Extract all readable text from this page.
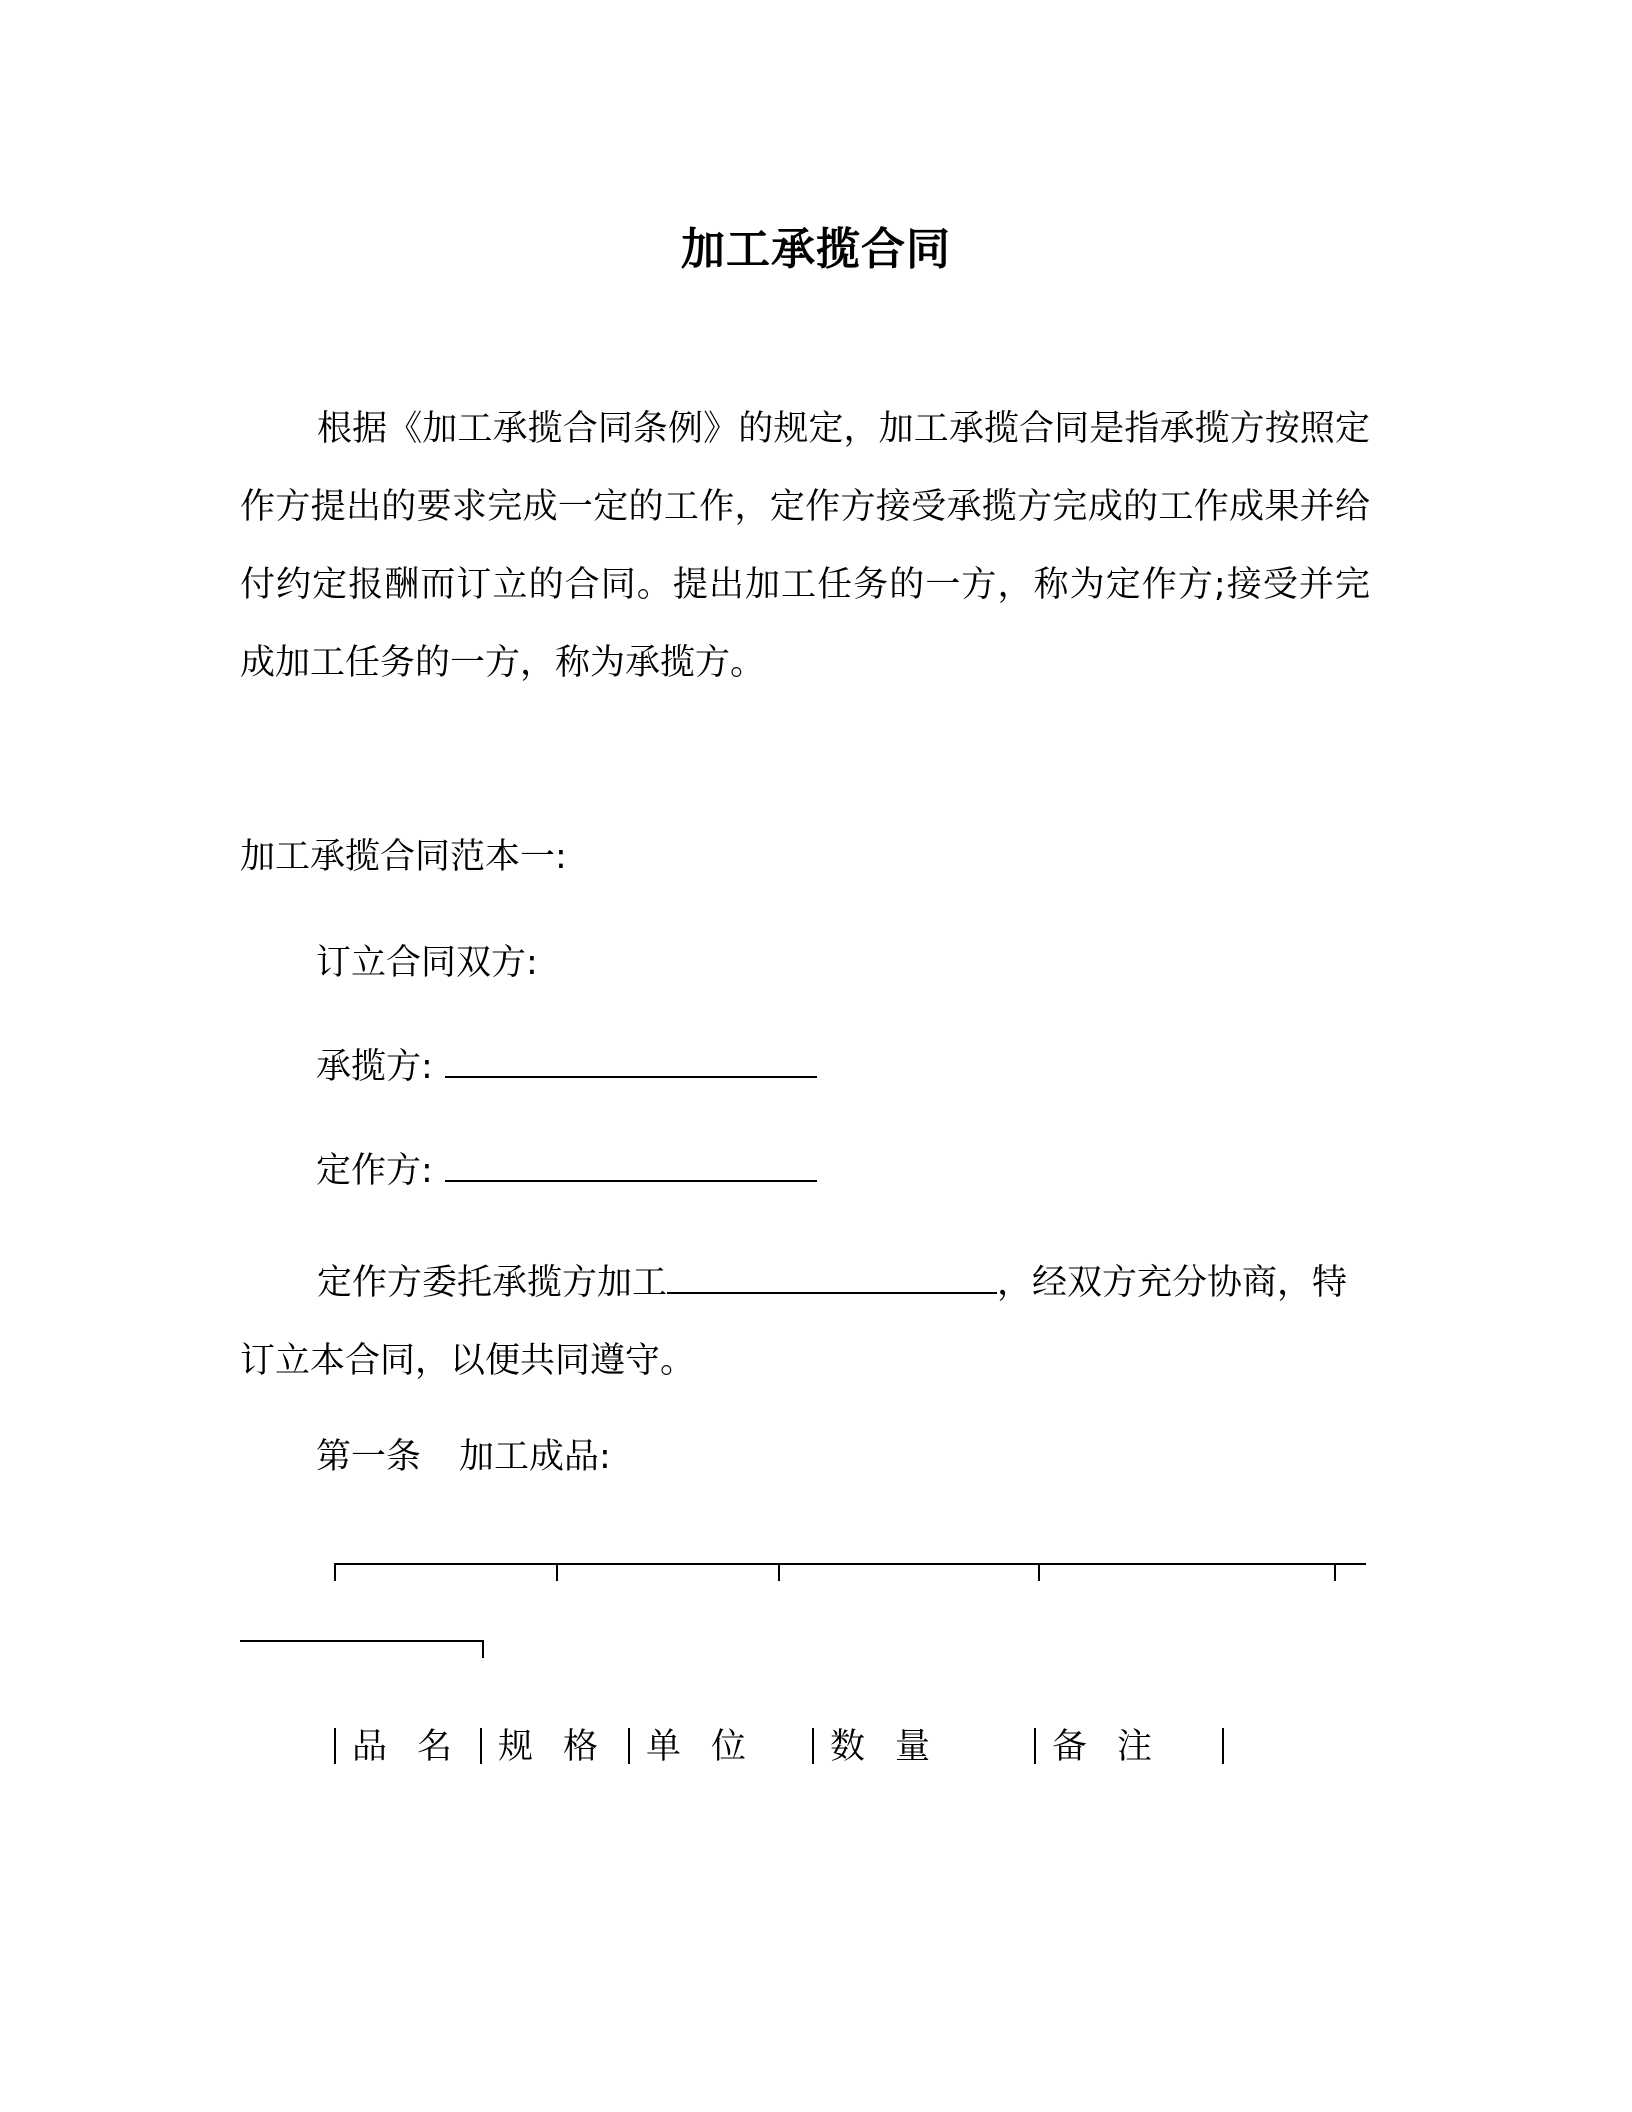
加工承揽合同

根据《加工承揽合同条例》的规定，加工承揽合同是指承揽方按照定作方提出的要求完成一定的工作，定作方接受承揽方完成的工作成果并给付约定报酬而订立的合同。提出加工任务的一方，称为定作方;接受并完成加工任务的一方，称为承揽方。

加工承揽合同范本一:

订立合同双方:

承揽方:

定作方:

定作方委托承揽方加工	，经双方充分协商，特订立本合同，以便共同遵守。

第一条 加工成品:

品名 规格 单位 数量	备注
